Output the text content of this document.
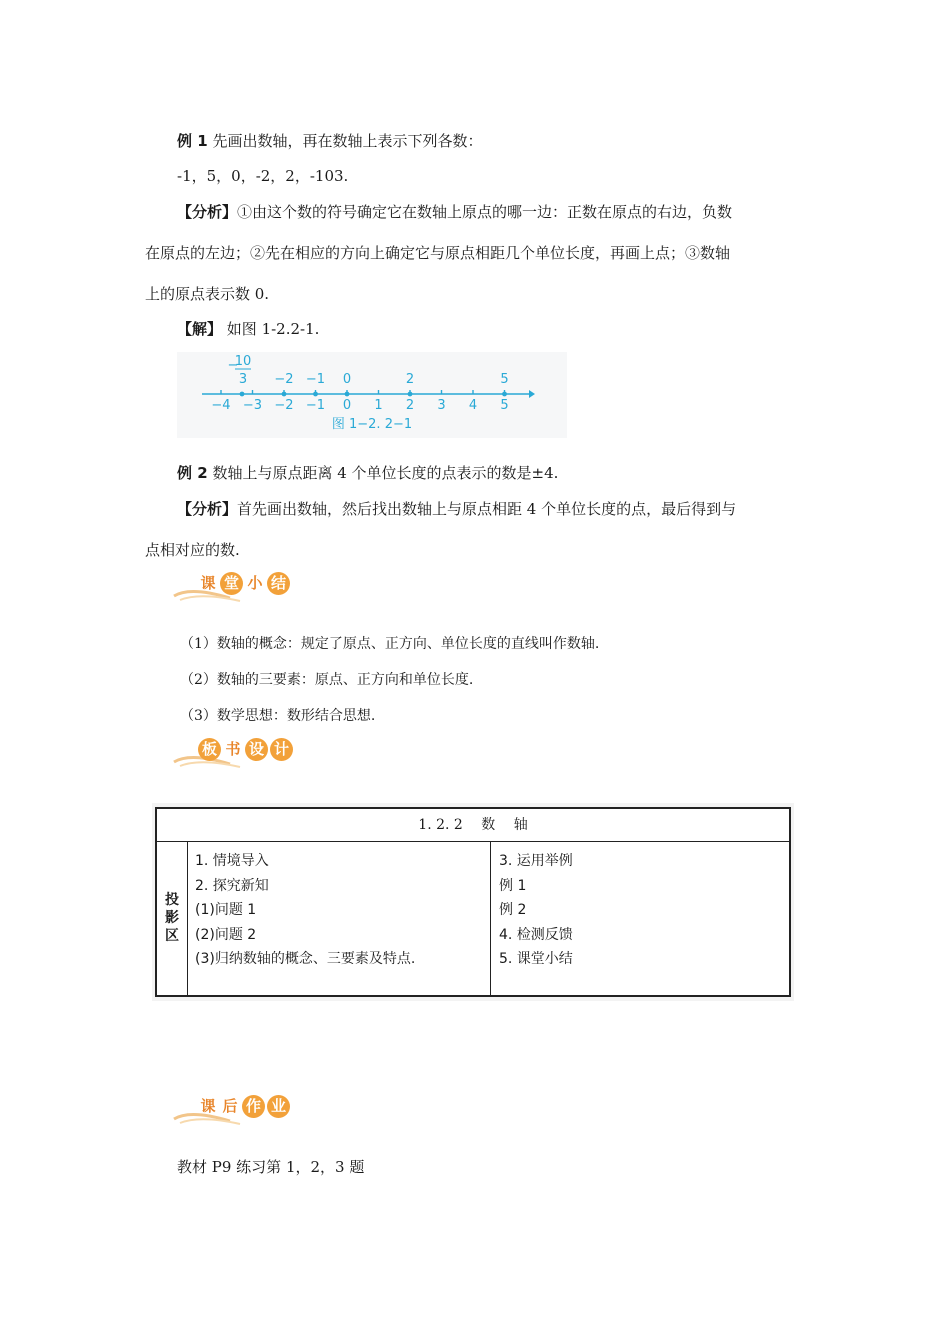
例 1 先画出数轴，再在数轴上表示下列各数：
-1，5，0，-2，2，-103.
【分析】①由这个数的符号确定它在数轴上原点的哪一边：正数在原点的右边，负数
在原点的左边；②先在相应的方向上确定它与原点相距几个单位长度，再画上点；③数轴
上的原点表示数 0.
【解】 如图 1-2.2-1.
−4 −3 −2 −1 0 1 2 3 4 5
−
10
3 −2 −1 0	2	5
图 1−2. 2−1
例 2 数轴上与原点距离 4 个单位长度的点表示的数是±4.
【分析】首先画出数轴，然后找出数轴上与原点相距 4 个单位长度的点，最后得到与
点相对应的数.
课 堂 小 结
（1）数轴的概念：规定了原点、正方向、单位长度的直线叫作数轴.
（2）数轴的三要素：原点、正方向和单位长度.
（3）数学思想：数形结合思想.
板 书 设 计
1. 2. 2　 数　 轴
投影区
1. 情境导入
2. 探究新知
(1)问题 1
(2)问题 2
(3)归纳数轴的概念、三要素及特点.
3. 运用举例
例 1
例 2
4. 检测反馈
5. 课堂小结
课 后 作 业
教材 P9 练习第 1，2，3 题
